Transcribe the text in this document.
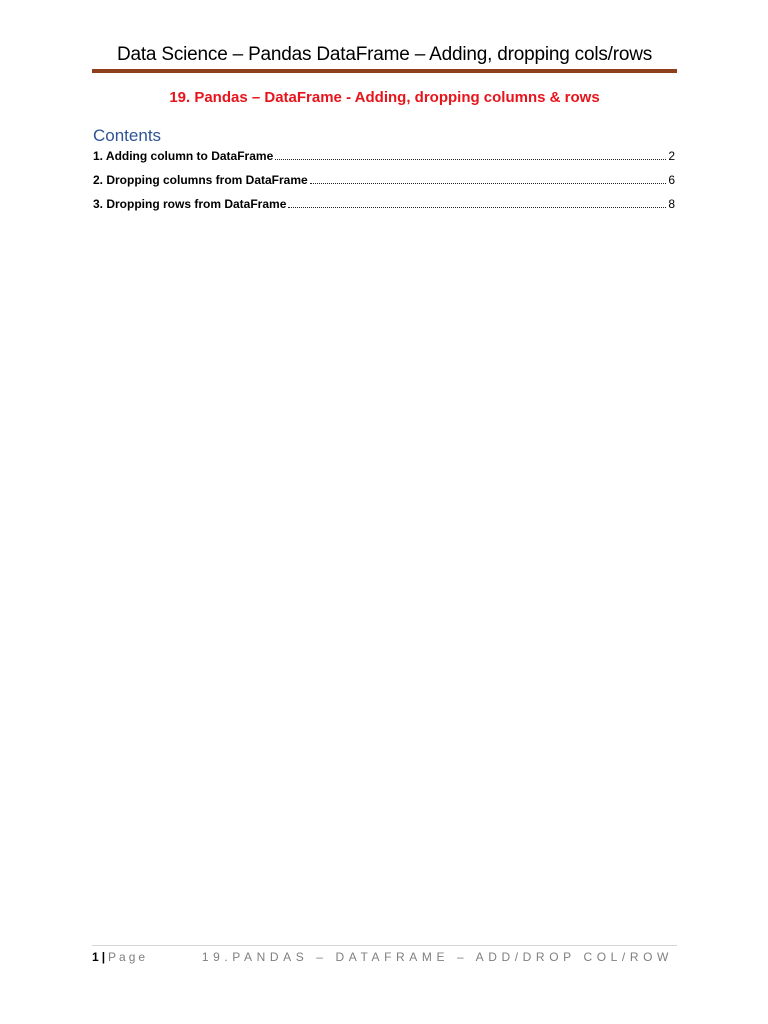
Data Science – Pandas DataFrame – Adding, dropping cols/rows
19. Pandas – DataFrame - Adding, dropping columns & rows
Contents
1. Adding column to DataFrame	2
2. Dropping columns from DataFrame	6
3. Dropping rows from DataFrame	8
1 | Page	19.PANDAS – DATAFRAME – ADD/DROP COL/ROW
